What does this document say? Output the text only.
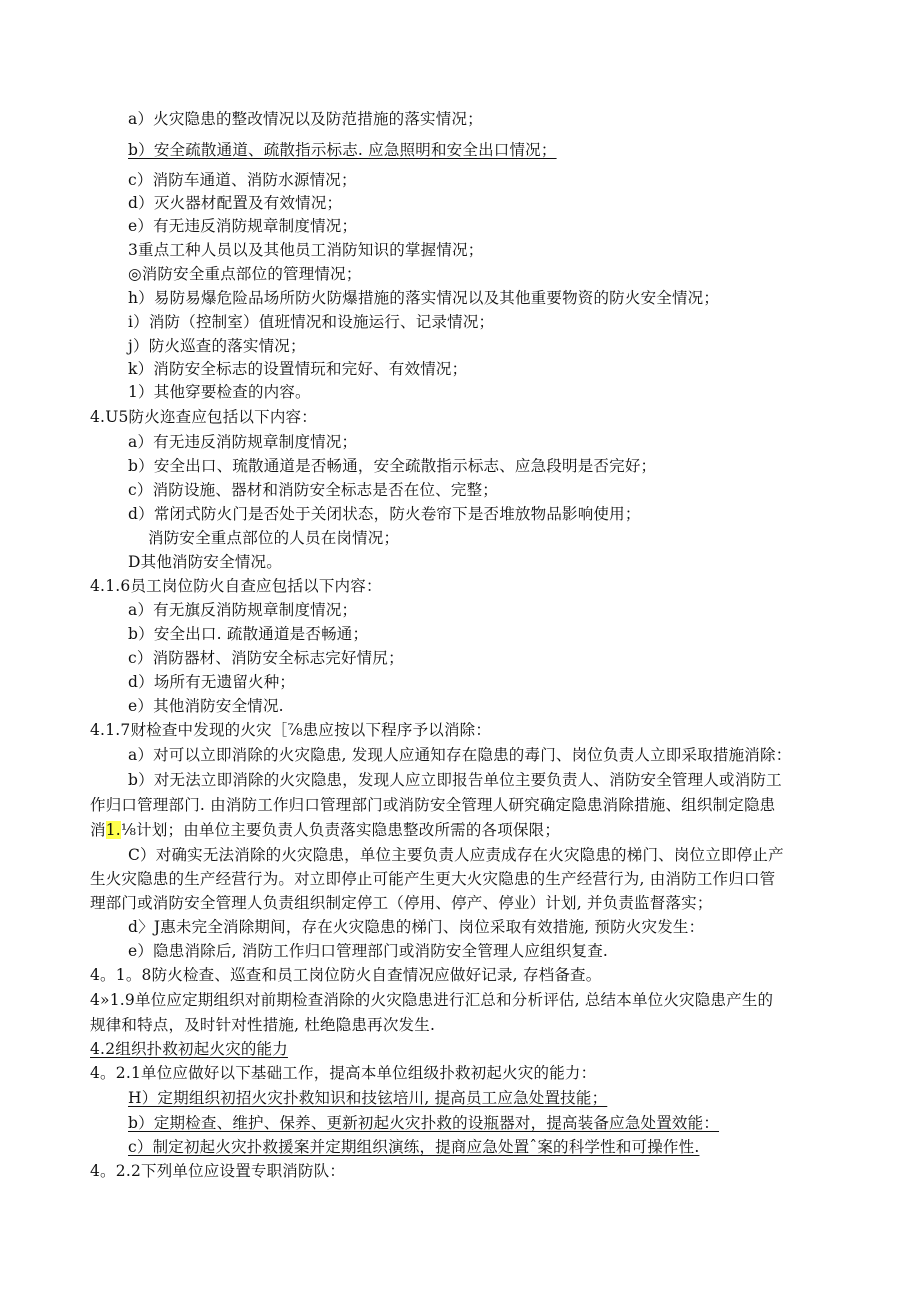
a）火灾隐患的整改情况以及防范措施的落实情况；
b）安全疏散通道、疏散指示标志. 应急照明和安全出口情况；
c）消防车通道、消防水源情况；
d）灭火器材配置及有效情况；
e）有无违反消防规章制度情况；
3重点工种人员以及其他员工消防知识的掌握情况；
◎消防安全重点部位的管理情况；
h）易防易爆危险品场所防火防爆措施的落实情况以及其他重要物资的防火安全情况；
i）消防（控制室）值班情况和设施运行、记录情况；
j）防火巡查的落实情况；
k）消防安全标志的设置情玩和完好、有效情况；
1）其他穿要检查的内容。
4.U5防火迩查应包括以下内容：
a）有无违反消防规章制度情况；
b）安全出口、琉散通道是否畅通，安全疏散指示标志、应急段明是否完好；
c）消防设施、器材和消防安全标志是否在位、完整；
d）常闭式防火门是否处于关闭状态，防火卷帘下是否堆放物品影响使用；
消防安全重点部位的人员在岗情况；
D其他消防安全情况。
4.1.6员工岗位防火自查应包括以下内容：
a）有无旗反消防规章制度情况；
b）安全出口. 疏散通道是否畅通；
c）消防器材、消防安全标志完好情尻；
d）场所有无遗留火种；
e）其他消防安全情况.
4.1.7财检查中发现的火灾［⅞患应按以下程序予以消除：
a）对可以立即消除的火灾隐患, 发现人应通知存在隐患的毒门、岗位负责人立即采取措施消除：
b）对无法立即消除的火灾隐患，发现人应立即报告单位主要负责人、消防安全管理人或消防工
作归口管理部门. 由消防工作归口管理部门或消防安全管理人研究确定隐患消除措施、组织制定隐患
消1.⅛计划；由单位主要负责人负责落实隐患整改所需的各项保限；
C）对确实无法消除的火灾隐患，单位主要负责人应责成存在火灾隐患的梯门、岗位立即停止产
生火灾隐患的生产经营行为。对立即停止可能产生更大火灾隐患的生产经营行为, 由消防工作归口管
理部门或消防安全管理人负责组织制定停工（停用、停产、停业）计划, 并负责监督落实；
d〉J惠未完全消除期间，存在火灾隐患的梯门、岗位采取有效措施, 预防火灾发生：
e）隐患消除后, 消防工作归口管理部门或消防安全管理人应组织复查.
4。1。8防火检查、巡查和员工岗位防火自查情况应做好记录, 存档备查。
4»1.9单位应定期组织对前期检查消除的火灾隐患进行汇总和分析评估, 总结本单位火灾隐患产生的
规律和特点，及时针对性措施, 杜绝隐患再次发生.
4.2组织扑救初起火灾的能力
4。2.1单位应做好以下基础工作，提高本单位组级扑救初起火灾的能力：
H）定期组织初招火灾扑救知识和技铉培川, 提高员工应急处置技能；
b）定期检查、维护、保养、更新初起火灾扑救的设瓶器对，提高装备应急处置效能：
c）制定初起火灾扑救援案并定期组织演练，提商应急处置ˆ案的科学性和可操作性.
4。2.2下列单位应设置专职消防队：
